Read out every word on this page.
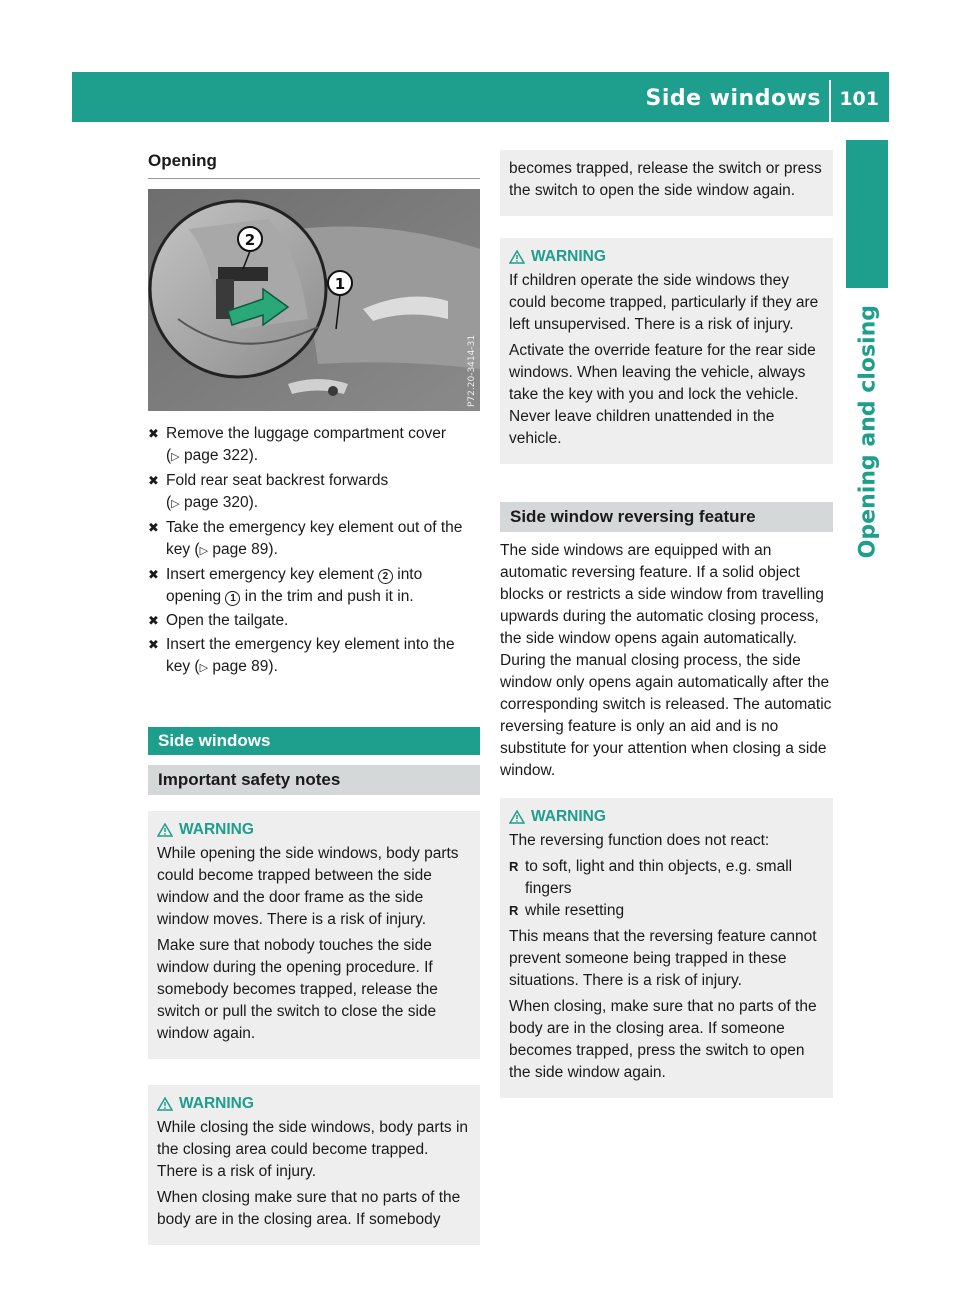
Side windows 101
Opening and closing
Opening
2
1
P72.20-3414-31
✖ Remove the luggage compartment cover
(▷ page 322).
✖ Fold rear seat backrest forwards
(▷ page 320).
✖ Take the emergency key element out of the key (▷ page 89).
✖ Insert emergency key element 2 into opening 1 in the trim and push it in.
✖ Open the tailgate.
✖ Insert the emergency key element into the key (▷ page 89).
Side windows
Important safety notes
WARNING

While opening the side windows, body parts could become trapped between the side window and the door frame as the side window moves. There is a risk of injury.

Make sure that nobody touches the side window during the opening procedure. If somebody becomes trapped, release the switch or pull the switch to close the side window again.

WARNING

While closing the side windows, body parts in the closing area could become trapped. There is a risk of injury.

When closing make sure that no parts of the body are in the closing area. If somebody

becomes trapped, release the switch or press the switch to open the side window again.

WARNING

If children operate the side windows they could become trapped, particularly if they are left unsupervised. There is a risk of injury.

Activate the override feature for the rear side windows. When leaving the vehicle, always take the key with you and lock the vehicle. Never leave children unattended in the vehicle.

Side window reversing feature

The side windows are equipped with an automatic reversing feature. If a solid object blocks or restricts a side window from travelling upwards during the automatic closing process, the side window opens again automatically. During the manual closing process, the side window only opens again automatically after the corresponding switch is released. The automatic reversing feature is only an aid and is no substitute for your attention when closing a side window.

WARNING

The reversing function does not react:

R to soft, light and thin objects, e.g. small fingers
R while resetting

This means that the reversing feature cannot prevent someone being trapped in these situations. There is a risk of injury.

When closing, make sure that no parts of the body are in the closing area. If someone becomes trapped, press the switch to open the side window again.
